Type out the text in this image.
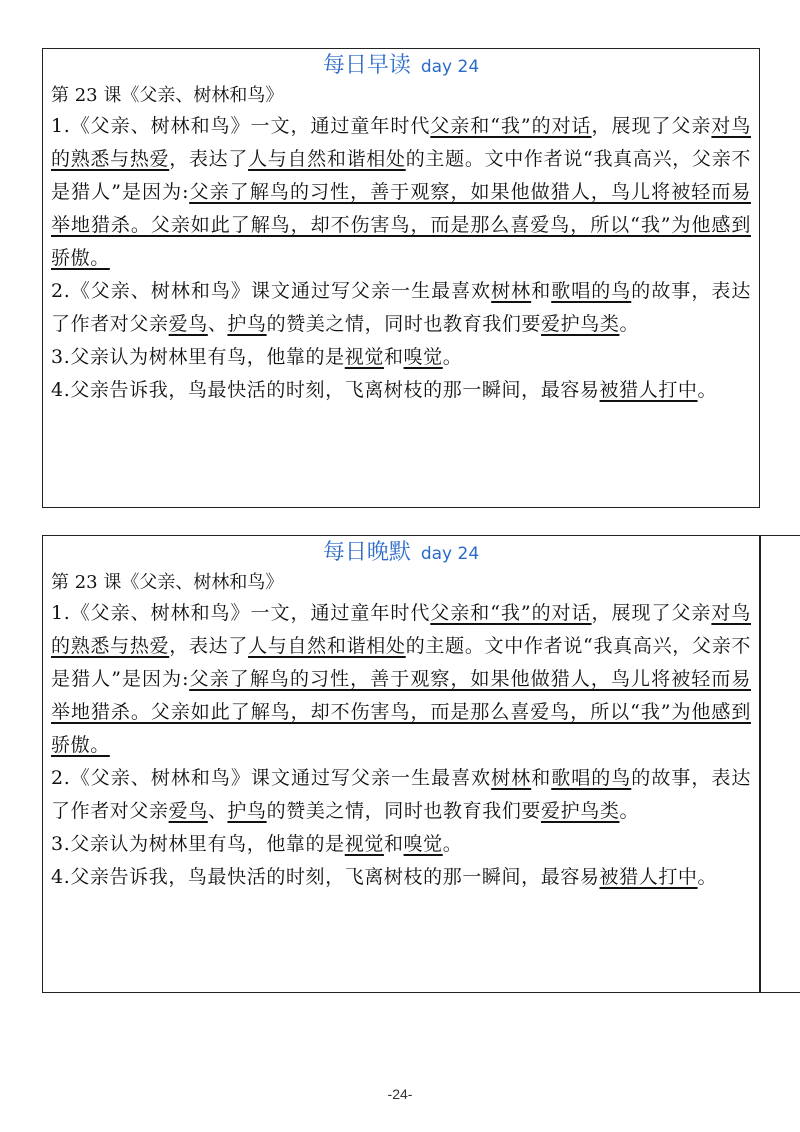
每日早读 day 24
第 23 课《父亲、树林和鸟》
1.《父亲、树林和鸟》一文，通过童年时代父亲和“我”的对话，展现了父亲对鸟的熟悉与热爱，表达了人与自然和谐相处的主题。文中作者说“我真高兴，父亲不是猎人”是因为:父亲了解鸟的习性，善于观察，如果他做猎人，鸟儿将被轻而易举地猎杀。父亲如此了解鸟，却不伤害鸟，而是那么喜爱鸟，所以“我”为他感到骄傲。
2.《父亲、树林和鸟》课文通过写父亲一生最喜欢树林和歌唱的鸟的故事，表达了作者对父亲爱鸟、护鸟的赞美之情，同时也教育我们要爱护鸟类。
3.父亲认为树林里有鸟，他靠的是视觉和嗅觉。
4.父亲告诉我，鸟最快活的时刻，飞离树枝的那一瞬间，最容易被猎人打中。
每日晚默 day 24
第 23 课《父亲、树林和鸟》
1.《父亲、树林和鸟》一文，通过童年时代父亲和“我”的对话，展现了父亲对鸟的熟悉与热爱，表达了人与自然和谐相处的主题。文中作者说“我真高兴，父亲不是猎人”是因为:父亲了解鸟的习性，善于观察，如果他做猎人，鸟儿将被轻而易举地猎杀。父亲如此了解鸟，却不伤害鸟，而是那么喜爱鸟，所以“我”为他感到骄傲。
2.《父亲、树林和鸟》课文通过写父亲一生最喜欢树林和歌唱的鸟的故事，表达了作者对父亲爱鸟、护鸟的赞美之情，同时也教育我们要爱护鸟类。
3.父亲认为树林里有鸟，他靠的是视觉和嗅觉。
4.父亲告诉我，鸟最快活的时刻，飞离树枝的那一瞬间，最容易被猎人打中。
-24-
